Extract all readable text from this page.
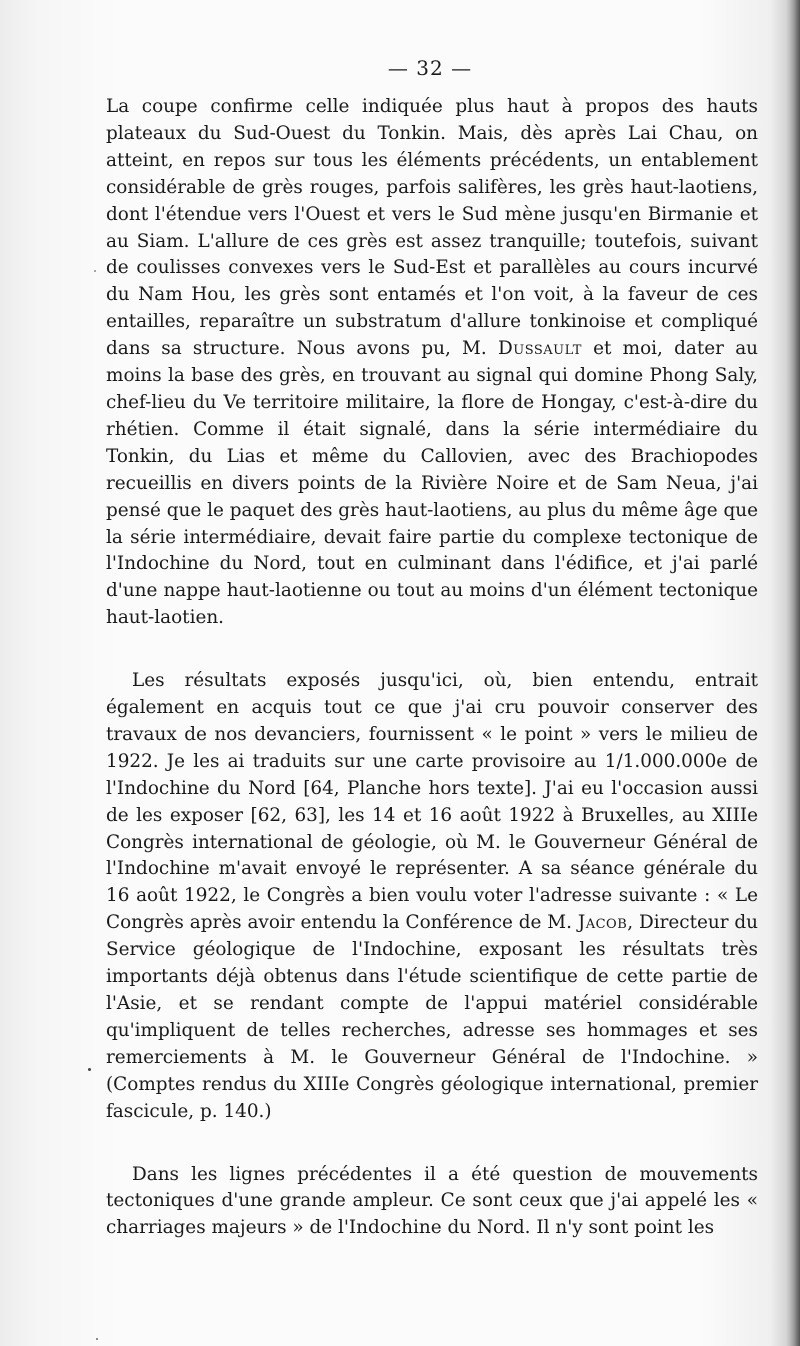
— 32 —

La coupe confirme celle indiquée plus haut à propos des hauts plateaux du Sud-Ouest du Tonkin. Mais, dès après Lai Chau, on atteint, en repos sur tous les éléments précédents, un entablement considérable de grès rouges, parfois salifères, les grès haut-laotiens, dont l'étendue vers l'Ouest et vers le Sud mène jusqu'en Birmanie et au Siam. L'allure de ces grès est assez tranquille; toutefois, suivant de coulisses convexes vers le Sud-Est et parallèles au cours incurvé du Nam Hou, les grès sont entamés et l'on voit, à la faveur de ces entailles, reparaître un substratum d'allure tonkinoise et compliqué dans sa structure. Nous avons pu, M. Dussault et moi, dater au moins la base des grès, en trouvant au signal qui domine Phong Saly, chef-lieu du Ve territoire militaire, la flore de Hongay, c'est-à-dire du rhétien. Comme il était signalé, dans la série intermédiaire du Tonkin, du Lias et même du Callovien, avec des Brachiopodes recueillis en divers points de la Rivière Noire et de Sam Neua, j'ai pensé que le paquet des grès haut-laotiens, au plus du même âge que la série intermédiaire, devait faire partie du complexe tectonique de l'Indochine du Nord, tout en culminant dans l'édifice, et j'ai parlé d'une nappe haut-laotienne ou tout au moins d'un élément tectonique haut-laotien.

Les résultats exposés jusqu'ici, où, bien entendu, entrait également en acquis tout ce que j'ai cru pouvoir conserver des travaux de nos devanciers, fournissent « le point » vers le milieu de 1922. Je les ai traduits sur une carte provisoire au 1/1.000.000e de l'Indochine du Nord [64, Planche hors texte]. J'ai eu l'occasion aussi de les exposer [62, 63], les 14 et 16 août 1922 à Bruxelles, au XIIIe Congrès international de géologie, où M. le Gouverneur Général de l'Indochine m'avait envoyé le représenter. A sa séance générale du 16 août 1922, le Congrès a bien voulu voter l'adresse suivante : « Le Congrès après avoir entendu la Conférence de M. Jacob, Directeur du Service géologique de l'Indochine, exposant les résultats très importants déjà obtenus dans l'étude scientifique de cette partie de l'Asie, et se rendant compte de l'appui matériel considérable qu'impliquent de telles recherches, adresse ses hommages et ses remerciements à M. le Gouverneur Général de l'Indochine. » (Comptes rendus du XIIIe Congrès géologique international, premier fascicule, p. 140.)

Dans les lignes précédentes il a été question de mouvements tectoniques d'une grande ampleur. Ce sont ceux que j'ai appelé les « charriages majeurs » de l'Indochine du Nord. Il n'y sont point les
